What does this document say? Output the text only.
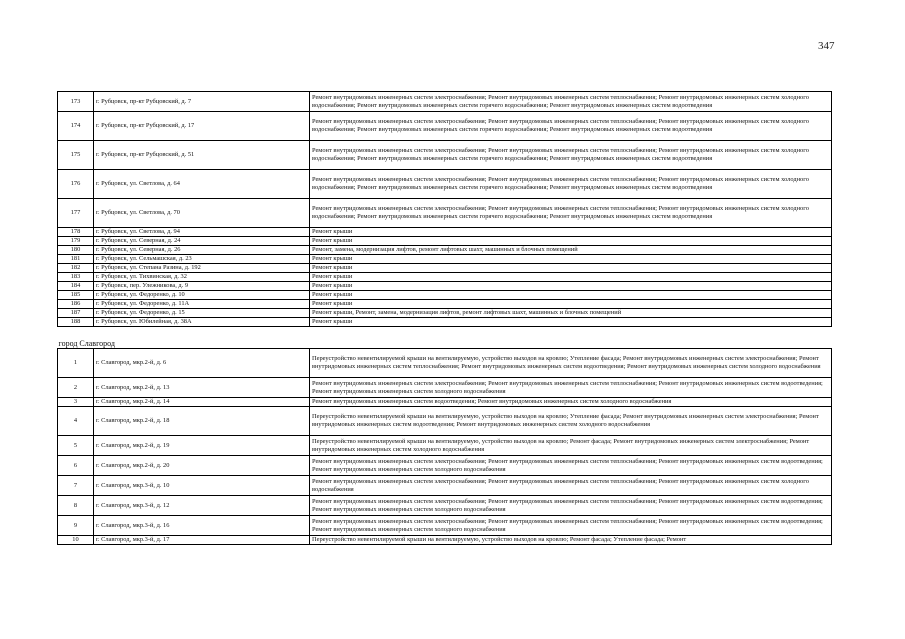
347
173	г. Рубцовск, пр-кт Рубцовский, д. 7	Ремонт внутридомовых инженерных систем электроснабжения; Ремонт внутридомовых инженерных систем теплоснабжения; Ремонт внутридомовых инженерных систем холодного водоснабжения; Ремонт внутридомовых инженерных систем горячего водоснабжения; Ремонт внутридомовых инженерных систем водоотведения
174	г. Рубцовск, пр-кт Рубцовский, д. 17	Ремонт внутридомовых инженерных систем электроснабжения; Ремонт внутридомовых инженерных систем теплоснабжения; Ремонт внутридомовых инженерных систем холодного водоснабжения; Ремонт внутридомовых инженерных систем горячего водоснабжения; Ремонт внутридомовых инженерных систем водоотведения
175	г. Рубцовск, пр-кт Рубцовский, д. 51	Ремонт внутридомовых инженерных систем электроснабжения; Ремонт внутридомовых инженерных систем теплоснабжения; Ремонт внутридомовых инженерных систем холодного водоснабжения; Ремонт внутридомовых инженерных систем горячего водоснабжения; Ремонт внутридомовых инженерных систем водоотведения
176	г. Рубцовск, ул. Светлова, д. 64	Ремонт внутридомовых инженерных систем электроснабжения; Ремонт внутридомовых инженерных систем теплоснабжения; Ремонт внутридомовых инженерных систем холодного водоснабжения; Ремонт внутридомовых инженерных систем горячего водоснабжения; Ремонт внутридомовых инженерных систем водоотведения
177	г. Рубцовск, ул. Светлова, д. 70	Ремонт внутридомовых инженерных систем электроснабжения; Ремонт внутридомовых инженерных систем теплоснабжения; Ремонт внутридомовых инженерных систем холодного водоснабжения; Ремонт внутридомовых инженерных систем горячего водоснабжения; Ремонт внутридомовых инженерных систем водоотведения
178	г. Рубцовск, ул. Светлова, д. 94	Ремонт крыши
179	г. Рубцовск, ул. Северная, д. 24	Ремонт крыши
180	г. Рубцовск, ул. Северная, д. 26	Ремонт, замена, модернизация лифтов, ремонт лифтовых шахт, машинных и блочных помещений
181	г. Рубцовск, ул. Сельмашская, д. 23	Ремонт крыши
182	г. Рубцовск, ул. Степана Разина, д. 192	Ремонт крыши
183	г. Рубцовск, ул. Тихвинская, д. 32	Ремонт крыши
184	г. Рубцовск, пер. Улежникова, д. 9	Ремонт крыши
185	г. Рубцовск, ул. Федоренко, д. 10	Ремонт крыши
186	г. Рубцовск, ул. Федоренко, д. 11А	Ремонт крыши
187	г. Рубцовск, ул. Федоренко, д. 15	Ремонт крыши, Ремонт, замена, модернизация лифтов, ремонт лифтовых шахт, машинных и блочных помещений
188	г. Рубцовск, ул. Юбилейная, д. 38А	Ремонт крыши

город Славгород		
1	г. Славгород, мкр.2-й, д. 6	Переустройство невентилируемой крыши на вентилируемую, устройство выходов на кровлю; Утепление фасада; Ремонт внутридомовых инженерных систем электроснабжения; Ремонт внутридомовых инженерных систем теплоснабжения; Ремонт внутридомовых инженерных систем водоотведения; Ремонт внутридомовых инженерных систем холодного водоснабжения
2	г. Славгород, мкр.2-й, д. 13	Ремонт внутридомовых инженерных систем электроснабжения; Ремонт внутридомовых инженерных систем теплоснабжения; Ремонт внутридомовых инженерных систем водоотведения; Ремонт внутридомовых инженерных систем холодного водоснабжения
3	г. Славгород, мкр.2-й, д. 14	Ремонт внутридомовых инженерных систем водоотведения; Ремонт внутридомовых инженерных систем холодного водоснабжения
4	г. Славгород, мкр.2-й, д. 18	Переустройство невентилируемой крыши на вентилируемую, устройство выходов на кровлю; Утепление фасада; Ремонт внутридомовых инженерных систем электроснабжения; Ремонт внутридомовых инженерных систем водоотведения; Ремонт внутридомовых инженерных систем холодного водоснабжения
5	г. Славгород, мкр.2-й, д. 19	Переустройство невентилируемой крыши на вентилируемую, устройство выходов на кровлю; Ремонт фасада; Ремонт внутридомовых инженерных систем электроснабжения; Ремонт внутридомовых инженерных систем холодного водоснабжения
6	г. Славгород, мкр.2-й, д. 20	Ремонт внутридомовых инженерных систем электроснабжения; Ремонт внутридомовых инженерных систем теплоснабжения; Ремонт внутридомовых инженерных систем водоотведения; Ремонт внутридомовых инженерных систем холодного водоснабжения
7	г. Славгород, мкр.3-й, д. 10	Ремонт внутридомовых инженерных систем электроснабжения; Ремонт внутридомовых инженерных систем теплоснабжения; Ремонт внутридомовых инженерных систем холодного водоснабжения
8	г. Славгород, мкр.3-й, д. 12	Ремонт внутридомовых инженерных систем электроснабжения; Ремонт внутридомовых инженерных систем теплоснабжения; Ремонт внутридомовых инженерных систем водоотведения; Ремонт внутридомовых инженерных систем холодного водоснабжения
9	г. Славгород, мкр.3-й, д. 16	Ремонт внутридомовых инженерных систем электроснабжения; Ремонт внутридомовых инженерных систем теплоснабжения; Ремонт внутридомовых инженерных систем водоотведения; Ремонт внутридомовых инженерных систем холодного водоснабжения
10	г. Славгород, мкр.3-й, д. 17	Переустройство невентилируемой крыши на вентилируемую, устройство выходов на кровлю; Ремонт фасада; Утепление фасада; Ремонт
